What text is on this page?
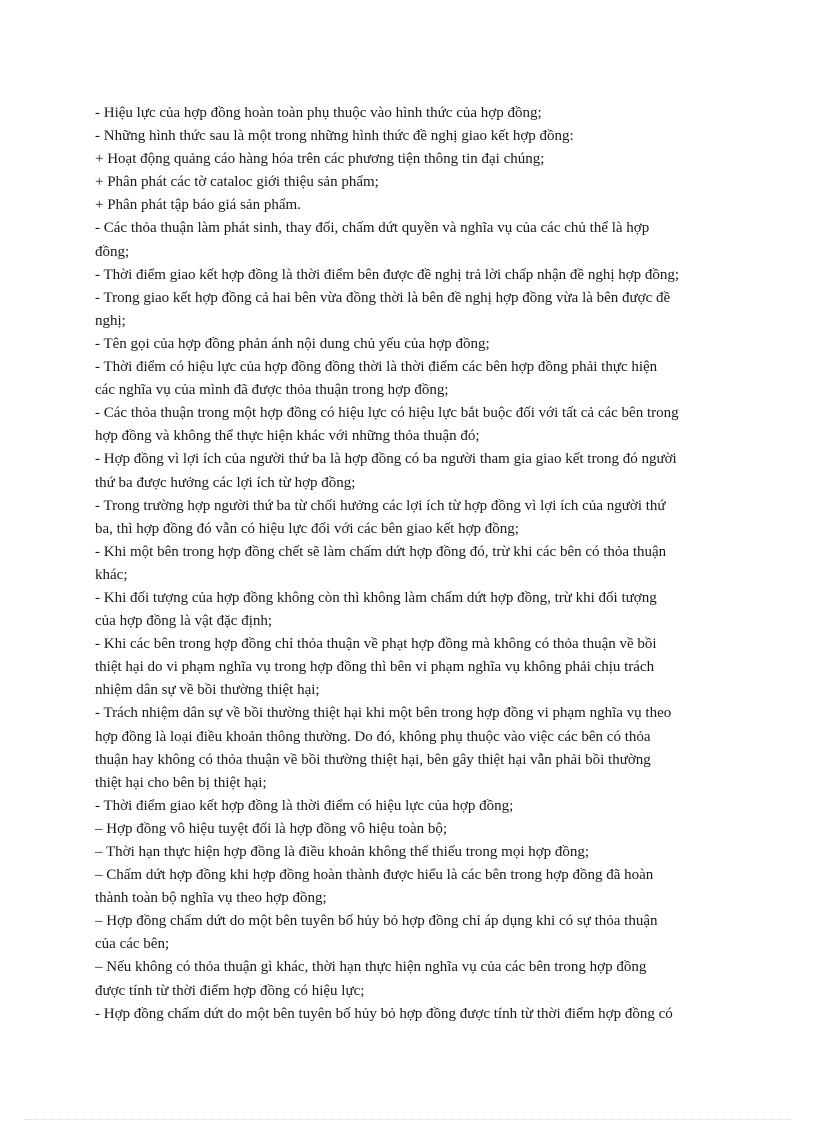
- Hiệu lực của hợp đồng hoàn toàn phụ thuộc vào hình thức của hợp đồng;
- Những hình thức sau là một trong những hình thức đề nghị giao kết hợp đồng:
+ Hoạt động quảng cáo hàng hóa trên các phương tiện thông tin đại chúng;
+ Phân phát các tờ cataloc giới thiệu sản phẩm;
+ Phân phát tập báo giá sản phẩm.
- Các thỏa thuận làm phát sinh, thay đổi, chấm dứt quyền và nghĩa vụ của các chủ thể là hợp
đồng;
- Thời điểm giao kết hợp đồng là thời điểm bên được đề nghị trả lời chấp nhận đề nghị hợp đồng;
- Trong giao kết hợp đồng cả hai bên vừa đồng thời là bên đề nghị hợp đồng vừa là bên được đề
nghị;
- Tên gọi của hợp đồng phản ánh nội dung chủ yếu của hợp đồng;
- Thời điểm có hiệu lực của hợp đồng đồng thời là thời điểm các bên hợp đồng phải thực hiện
các nghĩa vụ của mình đã được thỏa thuận trong hợp đồng;
- Các thỏa thuận trong một hợp đồng có hiệu lực có hiệu lực bắt buộc đối với tất cả các bên trong
hợp đồng và không thể thực hiện khác với những thỏa thuận đó;
- Hợp đồng vì lợi ích của người thứ ba là hợp đồng có ba người tham gia giao kết trong đó người
thứ ba được hưởng các lợi ích từ hợp đồng;
- Trong trường hợp người thứ ba từ chối hưởng các lợi ích từ hợp đồng vì lợi ích của người thứ
ba, thì hợp đồng đó vẫn có hiệu lực đối với các bên giao kết hợp đồng;
- Khi một bên trong hợp đồng chết sẽ làm chấm dứt hợp đồng đó, trừ khi các bên có thỏa thuận
khác;
- Khi đối tượng của hợp đồng không còn thì không làm chấm dứt hợp đồng, trừ khi đối tượng
của hợp đồng là vật đặc định;
- Khi các bên trong hợp đồng chỉ thỏa thuận về phạt hợp đồng mà không có thỏa thuận về bồi
thiệt hại do vi phạm nghĩa vụ trong hợp đồng thì bên vi phạm nghĩa vụ không phải chịu trách
nhiệm dân sự về bồi thường thiệt hại;
- Trách nhiệm dân sự về bồi thường thiệt hại khi một bên trong hợp đồng vi phạm nghĩa vụ theo
hợp đồng là loại điều khoản thông thường. Do đó, không phụ thuộc vào việc các bên có thỏa
thuận hay không có thỏa thuận về bồi thường thiệt hại, bên gây thiệt hại vẫn phải bồi thường
thiệt hại cho bên bị thiệt hại;
- Thời điểm giao kết hợp đồng là thời điểm có hiệu lực của hợp đồng;
– Hợp đồng vô hiệu tuyệt đối là hợp đồng vô hiệu toàn bộ;
– Thời hạn thực hiện hợp đồng là điều khoản không thể thiếu trong mọi hợp đồng;
– Chấm dứt hợp đồng khi hợp đồng hoàn thành được hiểu là các bên trong hợp đồng đã hoàn
thành toàn bộ nghĩa vụ theo hợp đồng;
– Hợp đồng chấm dứt do một bên tuyên bố hủy bỏ hợp đồng chỉ áp dụng khi có sự thỏa thuận
của các bên;
– Nếu không có thỏa thuận gì khác, thời hạn thực hiện nghĩa vụ của các bên trong hợp đồng
được tính từ thời điểm hợp đồng có hiệu lực;
- Hợp đồng chấm dứt do một bên tuyên bố hủy bỏ hợp đồng được tính từ thời điểm hợp đồng có
